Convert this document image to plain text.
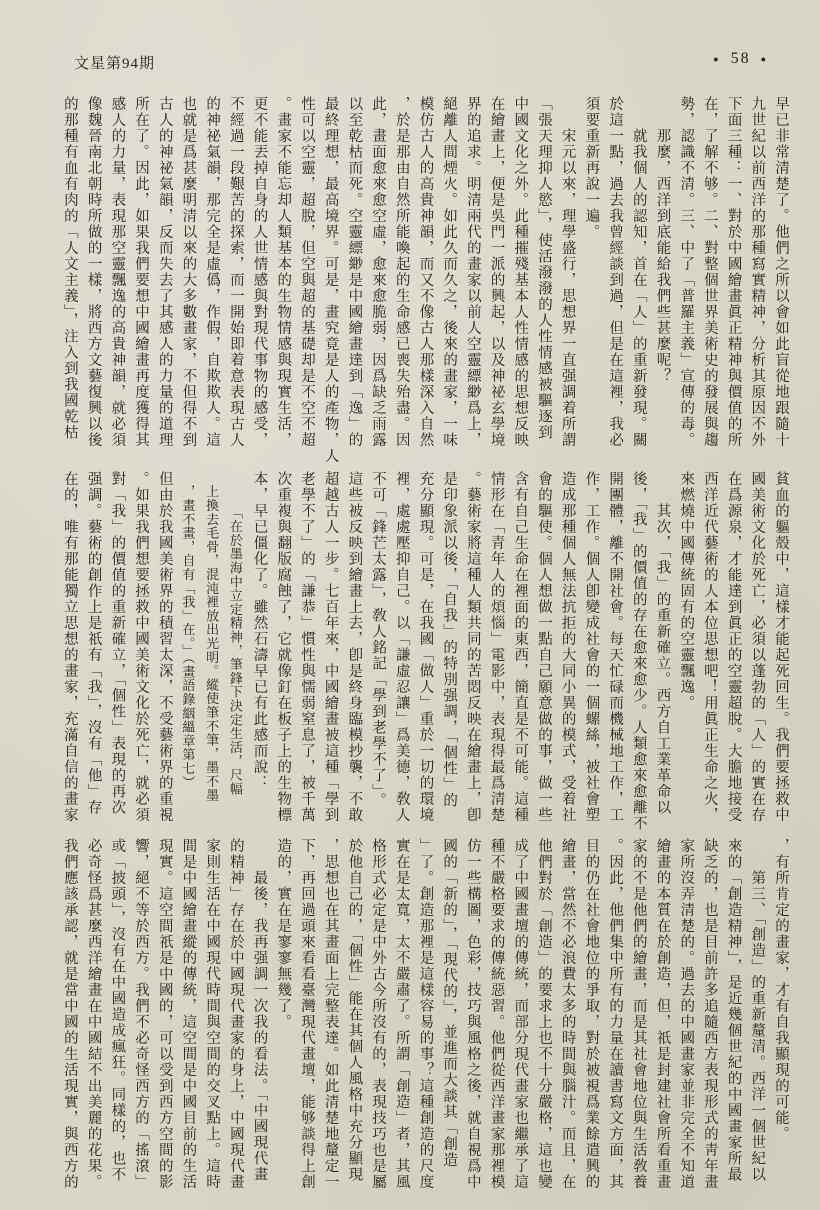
文星第94期	● 58 ●
早已非常清楚了。他們之所以會如此盲從地跟隨十
九世紀以前西洋的那種寫實精神，分析其原因不外
下面三種：一、對於中國繪畫眞正精神與價值的所
在，了解不够。二、對整個世界美術史的發展與趨
勢，認識不清。三、中了「普羅主義」宣傳的毒。
　　那麼，西洋到底能給我們些甚麼呢？
　　就我個人的認知，首在「人」的重新發現。關
於這一點，過去我曾經談到過，但是在這裡，我必
須要重新再說一遍。
　　宋元以來，理學盛行，思想界一直强調着所謂
「張天理抑人慾」，使活潑潑的人性情感被驅逐到
中國文化之外。此種摧殘基本人性情感的思想反映
在繪畫上，便是吳門一派的興起，以及神祕玄學境
界的追求。明清兩代的畫家以前人空靈縹緲爲上，
絕離人間煙火。如此久而久之，後來的畫家，一味
模仿古人的高貴神韻，而又不像古人那樣深入自然
，於是那由自然所能喚起的生命感已喪失殆盡。因
此，畫面愈來愈空虛，愈來愈脆弱，因爲缺乏雨露
以至乾枯而死。空靈縹緲是中國繪畫達到「逸」的
最終理想，最高境界。可是，畫究竟是人的產物，人
性可以空靈，超脫，但空與超的基礎却是不空不超
。畫家不能忘却人類基本的生物情感與現實生活，
更不能丟掉自身的人世情感與對現代事物的感受，
不經過一段艱苦的探索，而一開始即着意表現古人
的神祕氣韻，那完全是虛僞，作假，自欺欺人。這
也就是爲甚麼明清以來的大多數畫家，不但得不到
古人的神祕氣韻，反而失去了其感人的力量的道理
所在了。因此，如果我們要想中國繪畫再度獲得其
感人的力量，表現那空靈飄逸的高貴神韻，就必須
像魏晉南北朝時所做的一樣，將西方文藝復興以後
的那種有血有肉的「人文主義」，注入到我國乾枯
貧血的軀殼中，這樣才能起死回生。我們要拯救中
國美術文化於死亡，必須以蓬勃的「人」的實在存
在爲源泉，才能達到眞正的空靈超脫。大膽地接受
西洋近代藝術的人本位思想吧！用眞正生命之火，
來燃燒中國傳統固有的空靈飄逸。
　　其次，「我」的重新確立。西方自工業革命以
後，「我」的價值的存在愈來愈少。人類愈來愈離不
開團體，離不開社會。每天忙碌而機械地工作，工
作，工作。個人卽變成社會的一個螺絲，被社會塑
造成那種個人無法抗拒的大同小異的模式，受着社
會的驅使。個人想做一點自己願意做的事，做一些
含有自己生命在裡面的東西，簡直是不可能。這種
情形在「青年人的煩惱」電影中，表現得最爲清楚
。藝術家將這種人類共同的苦悶反映在繪畫上，卽
是印象派以後，「自我」的特別强調，「個性」的
充分顯現。可是，在我國「做人」重於一切的環境
裡，處處壓抑自己。以「謙虛忍讓」爲美德，敎人
不可「鋒芒太露」，敎人銘記「學到老學不了」。
這些被反映到繪畫上去，卽是終身臨模抄襲，不敢
超越古人一步。七百年來，中國繪畫被這種「學到
老學不了」的「謙恭」慣性與懦弱窒息了，被千萬
次重複與翻版腐蝕了，它就像釘在板子上的生物標
本，早已僵化了。雖然石濤早已有此感而說：
　　　「在於墨海中立定精神，筆鋒下決定生活，尺幅
　上換去毛骨，混沌裡放出光明。縱使筆不筆，墨不墨
　，畫不畫，自有「我」在。」（畫語錄絪縕章第七）
但由於我國美術界的積習太深，不受藝術界的重視
。如果我們想要拯救中國美術文化於死亡，就必須
對「我」的價值的重新確立，「個性」表現的再次
强調。藝術的創作上是祇有「我」，沒有「他」存
在的，唯有那能獨立思想的畫家，充滿自信的畫家
，有所肯定的畫家，才有自我顯現的可能。
　　第三、「創造」的重新釐清。西洋一個世紀以
來的「創造精神」，是近幾個世紀的中國畫家所最
缺乏的，也是目前許多追隨西方表現形式的靑年畫
家所沒弄清楚的。過去的中國畫家並非完全不知道
繪畫的本質在於創造，但，祇是封建社會所看重畫
家的不是他們的繪畫，而是其社會地位與生活敎養
。因此，他們集中所有的力量在讀書寫文方面，其
目的仍在社會地位的爭取，對於被視爲業餘遣興的
繪畫，當然不必浪費太多的時間與腦汁。而且，在
他們對於「創造」的要求上也不十分嚴格，這也變
成了中國畫壇的傳統，而部分現代畫家也繼承了這
種不嚴格要求的傳統惡習。他們從西洋畫家那裡模
仿一些構圖，色彩，技巧與風格之後，就自視爲中
國的「新的」，「現代的」，並進而大談其「創造
」了。創造那裡是這樣容易的事？這種創造的尺度
實在是太寬，太不嚴肅了。所謂「創造」者，其風
格形式必定是中外古今所沒有的，表現技巧也是屬
於他自己的，「個性」能在其個人風格中充分顯現
，思想也在其畫面上完整表達。如此清楚地釐定一
下，再回過頭來看看臺灣現代畫壇，能够談得上創
造的，實在是寥寥無幾了。
　　最後，我再强調一次我的看法。「中國現代畫
的精神」存在於中國現代畫家的身上，中國現代畫
家則生活在中國現代時間與空間的交叉點上。這時
間是中國繪畫縱的傳統，這空間是中國目前的生活
現實。這空間祇是中國的，可以受到西方空間的影
響，絕不等於西方。我們不必奇怪西方的「搖滾」
或「披頭」，沒有在中國造成瘋狂。同樣的，也不
必奇怪爲甚麼西洋繪畫在中國結不出美麗的花果。
我們應該承認，就是當中國的生活現實，與西方的
